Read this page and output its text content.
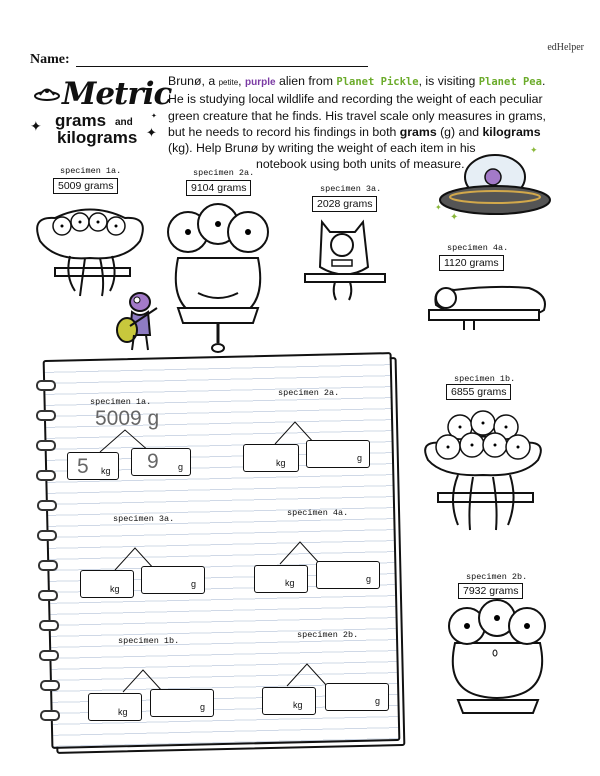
edHelper
Name:
Metric
grams and
kilograms
✦	✦
✦
Brunø, a petite, purple alien from Planet Pickle, is visiting Planet Pea. He is studying local wildlife and recording the weight of each peculiar green creature that he finds. His travel scale only measures in grams, but he needs to record his findings in both grams (g) and kilograms (kg). Help Brunø by writing the weight of each item in his
notebook using both units of measure.
specimen 1a.
5009 grams
specimen 2a.
9104 grams	specimen 3a.
2028 grams
specimen 4a.
1120 grams
specimen 1b.
6855 grams
specimen 2b.
7932 grams
✦
✦
✦
specimen 1a.
5009 g
5 kg 9 g
specimen 2a.
kg	g
specimen 3a.
kg	g
specimen 4a.
kg	g
specimen 1b.
kg	g
specimen 2b.
kg	g
